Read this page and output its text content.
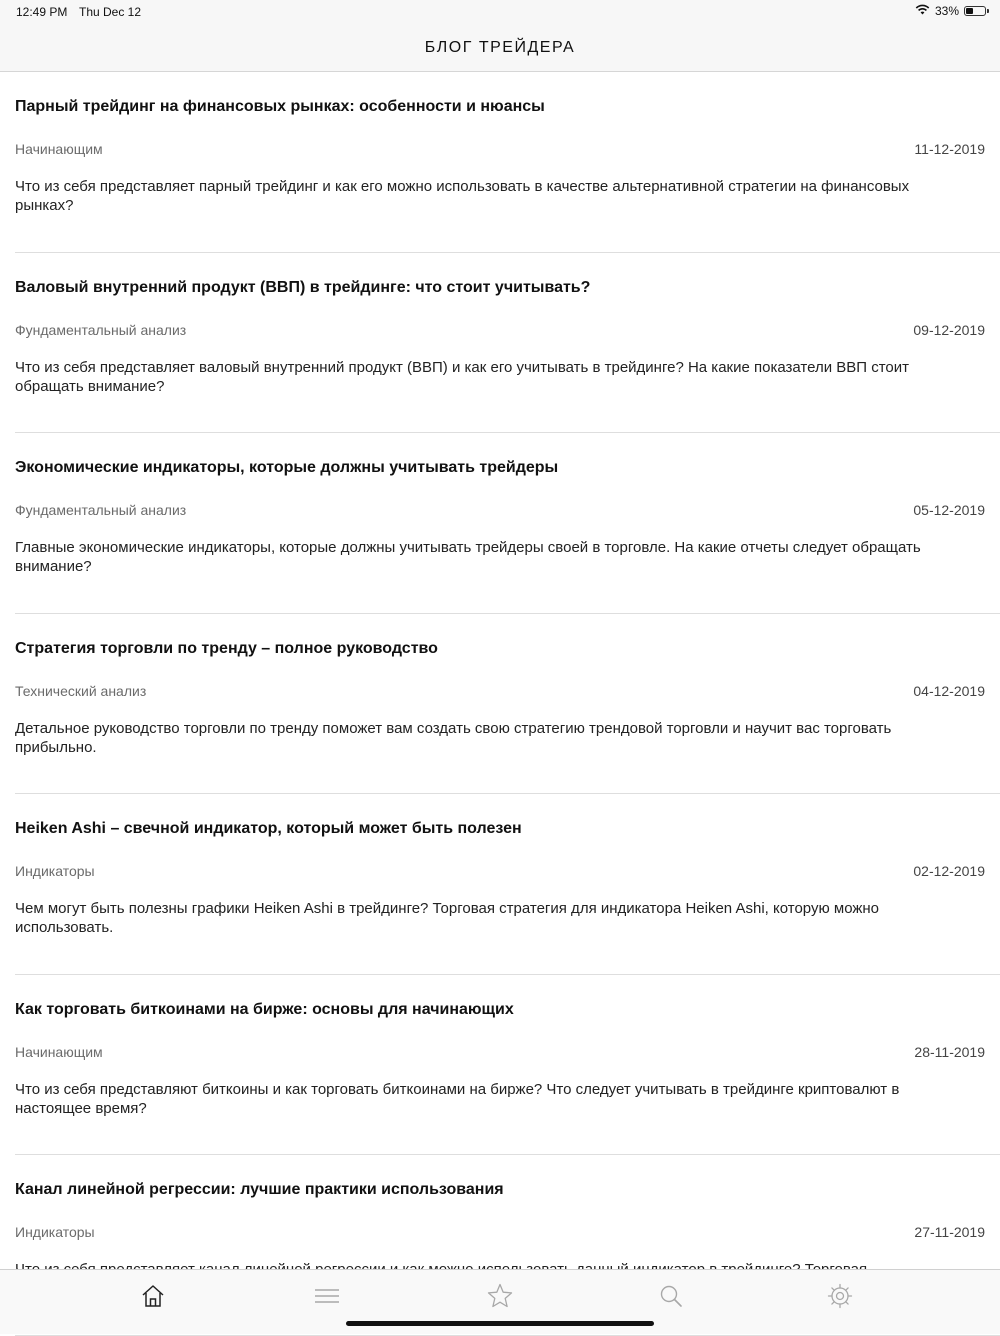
12:49 PM Thu Dec 12	33%
БЛОГ ТРЕЙДЕРА
Парный трейдинг на финансовых рынках: особенности и нюансы
Начинающим	11-12-2019
Что из себя представляет парный трейдинг и как его можно использовать в качестве альтернативной стратегии на финансовых рынках?
Валовый внутренний продукт (ВВП) в трейдинге: что стоит учитывать?
Фундаментальный анализ	09-12-2019
Что из себя представляет валовый внутренний продукт (ВВП) и как его учитывать в трейдинге? На какие показатели ВВП стоит обращать внимание?
Экономические индикаторы, которые должны учитывать трейдеры
Фундаментальный анализ	05-12-2019
Главные экономические индикаторы, которые должны учитывать трейдеры своей в торговле. На какие отчеты следует обращать внимание?
Стратегия торговли по тренду – полное руководство
Технический анализ	04-12-2019
Детальное руководство торговли по тренду поможет вам создать свою стратегию трендовой торговли и научит вас торговать прибыльно.
Heiken Ashi – свечной индикатор, который может быть полезен
Индикаторы	02-12-2019
Чем могут быть полезны графики Heiken Ashi в трейдинге? Торговая стратегия для индикатора Heiken Ashi, которую можно использовать.
Как торговать биткоинами на бирже: основы для начинающих
Начинающим	28-11-2019
Что из себя представляют биткоины и как торговать биткоинами на бирже? Что следует учитывать в трейдинге криптовалют в настоящее время?
Канал линейной регрессии: лучшие практики использования
Индикаторы	27-11-2019
